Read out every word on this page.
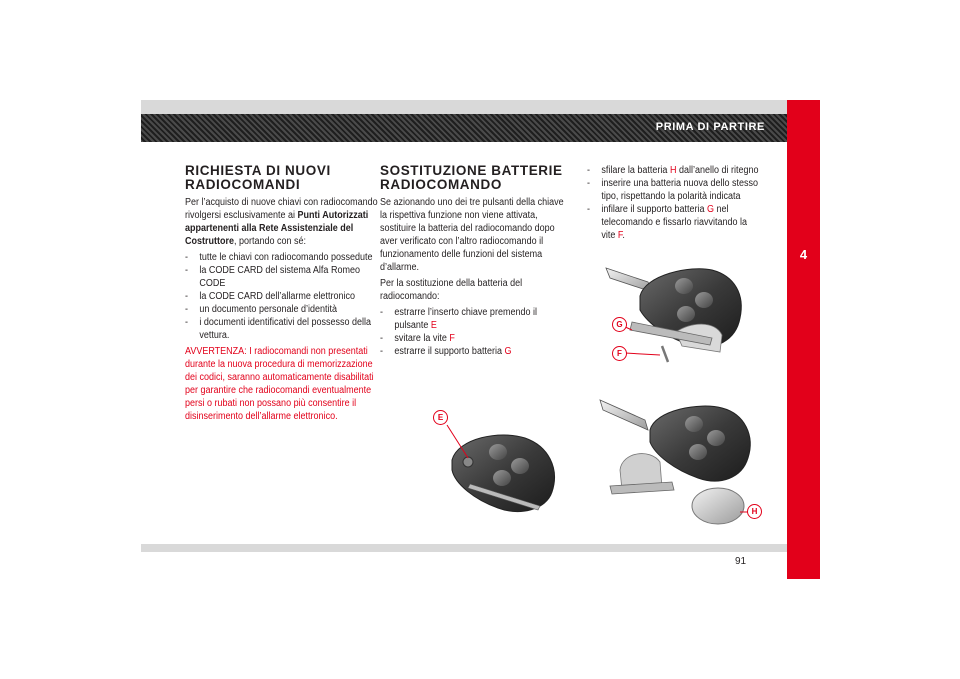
PRIMA DI PARTIRE
4
RICHIESTA DI NUOVI
RADIOCOMANDI

Per l’acquisto di nuove chiavi con radiocomando rivolgersi esclusivamente ai Punti Autorizzati appartenenti alla Rete Assistenziale del Costruttore, portando con sé:

-	tutte le chiavi con radiocomando possedute
-	la CODE CARD del sistema Alfa Romeo CODE
-	la CODE CARD dell’allarme elettronico
-	un documento personale d’identità
-	i documenti identificativi del possesso della vettura.

AVVERTENZA: I radiocomandi non presentati durante la nuova procedura di memorizzazione dei codici, saranno automaticamente disabilitati per garantire che radiocomandi eventualmente persi o rubati non possano più consentire il disinserimento dell’allarme elettronico.

SOSTITUZIONE BATTERIE
RADIOCOMANDO

Se azionando uno dei tre pulsanti della chiave la rispettiva funzione non viene attivata, sostituire la batteria del radiocomando dopo aver verificato con l’altro radiocomando il funzionamento delle funzioni del sistema d’allarme.

Per la sostituzione della batteria del radiocomando:

-	estrarre l’inserto chiave premendo il pulsante E
-	svitare la vite F
-	estrarre il supporto batteria G
-	sfilare la batteria H dall’anello di ritegno
-	inserire una batteria nuova dello stesso tipo, rispettando la polarità indicata
-	infilare il supporto batteria G nel telecomando e fissarlo riavvitando la vite F.
G
F
E
H
91
